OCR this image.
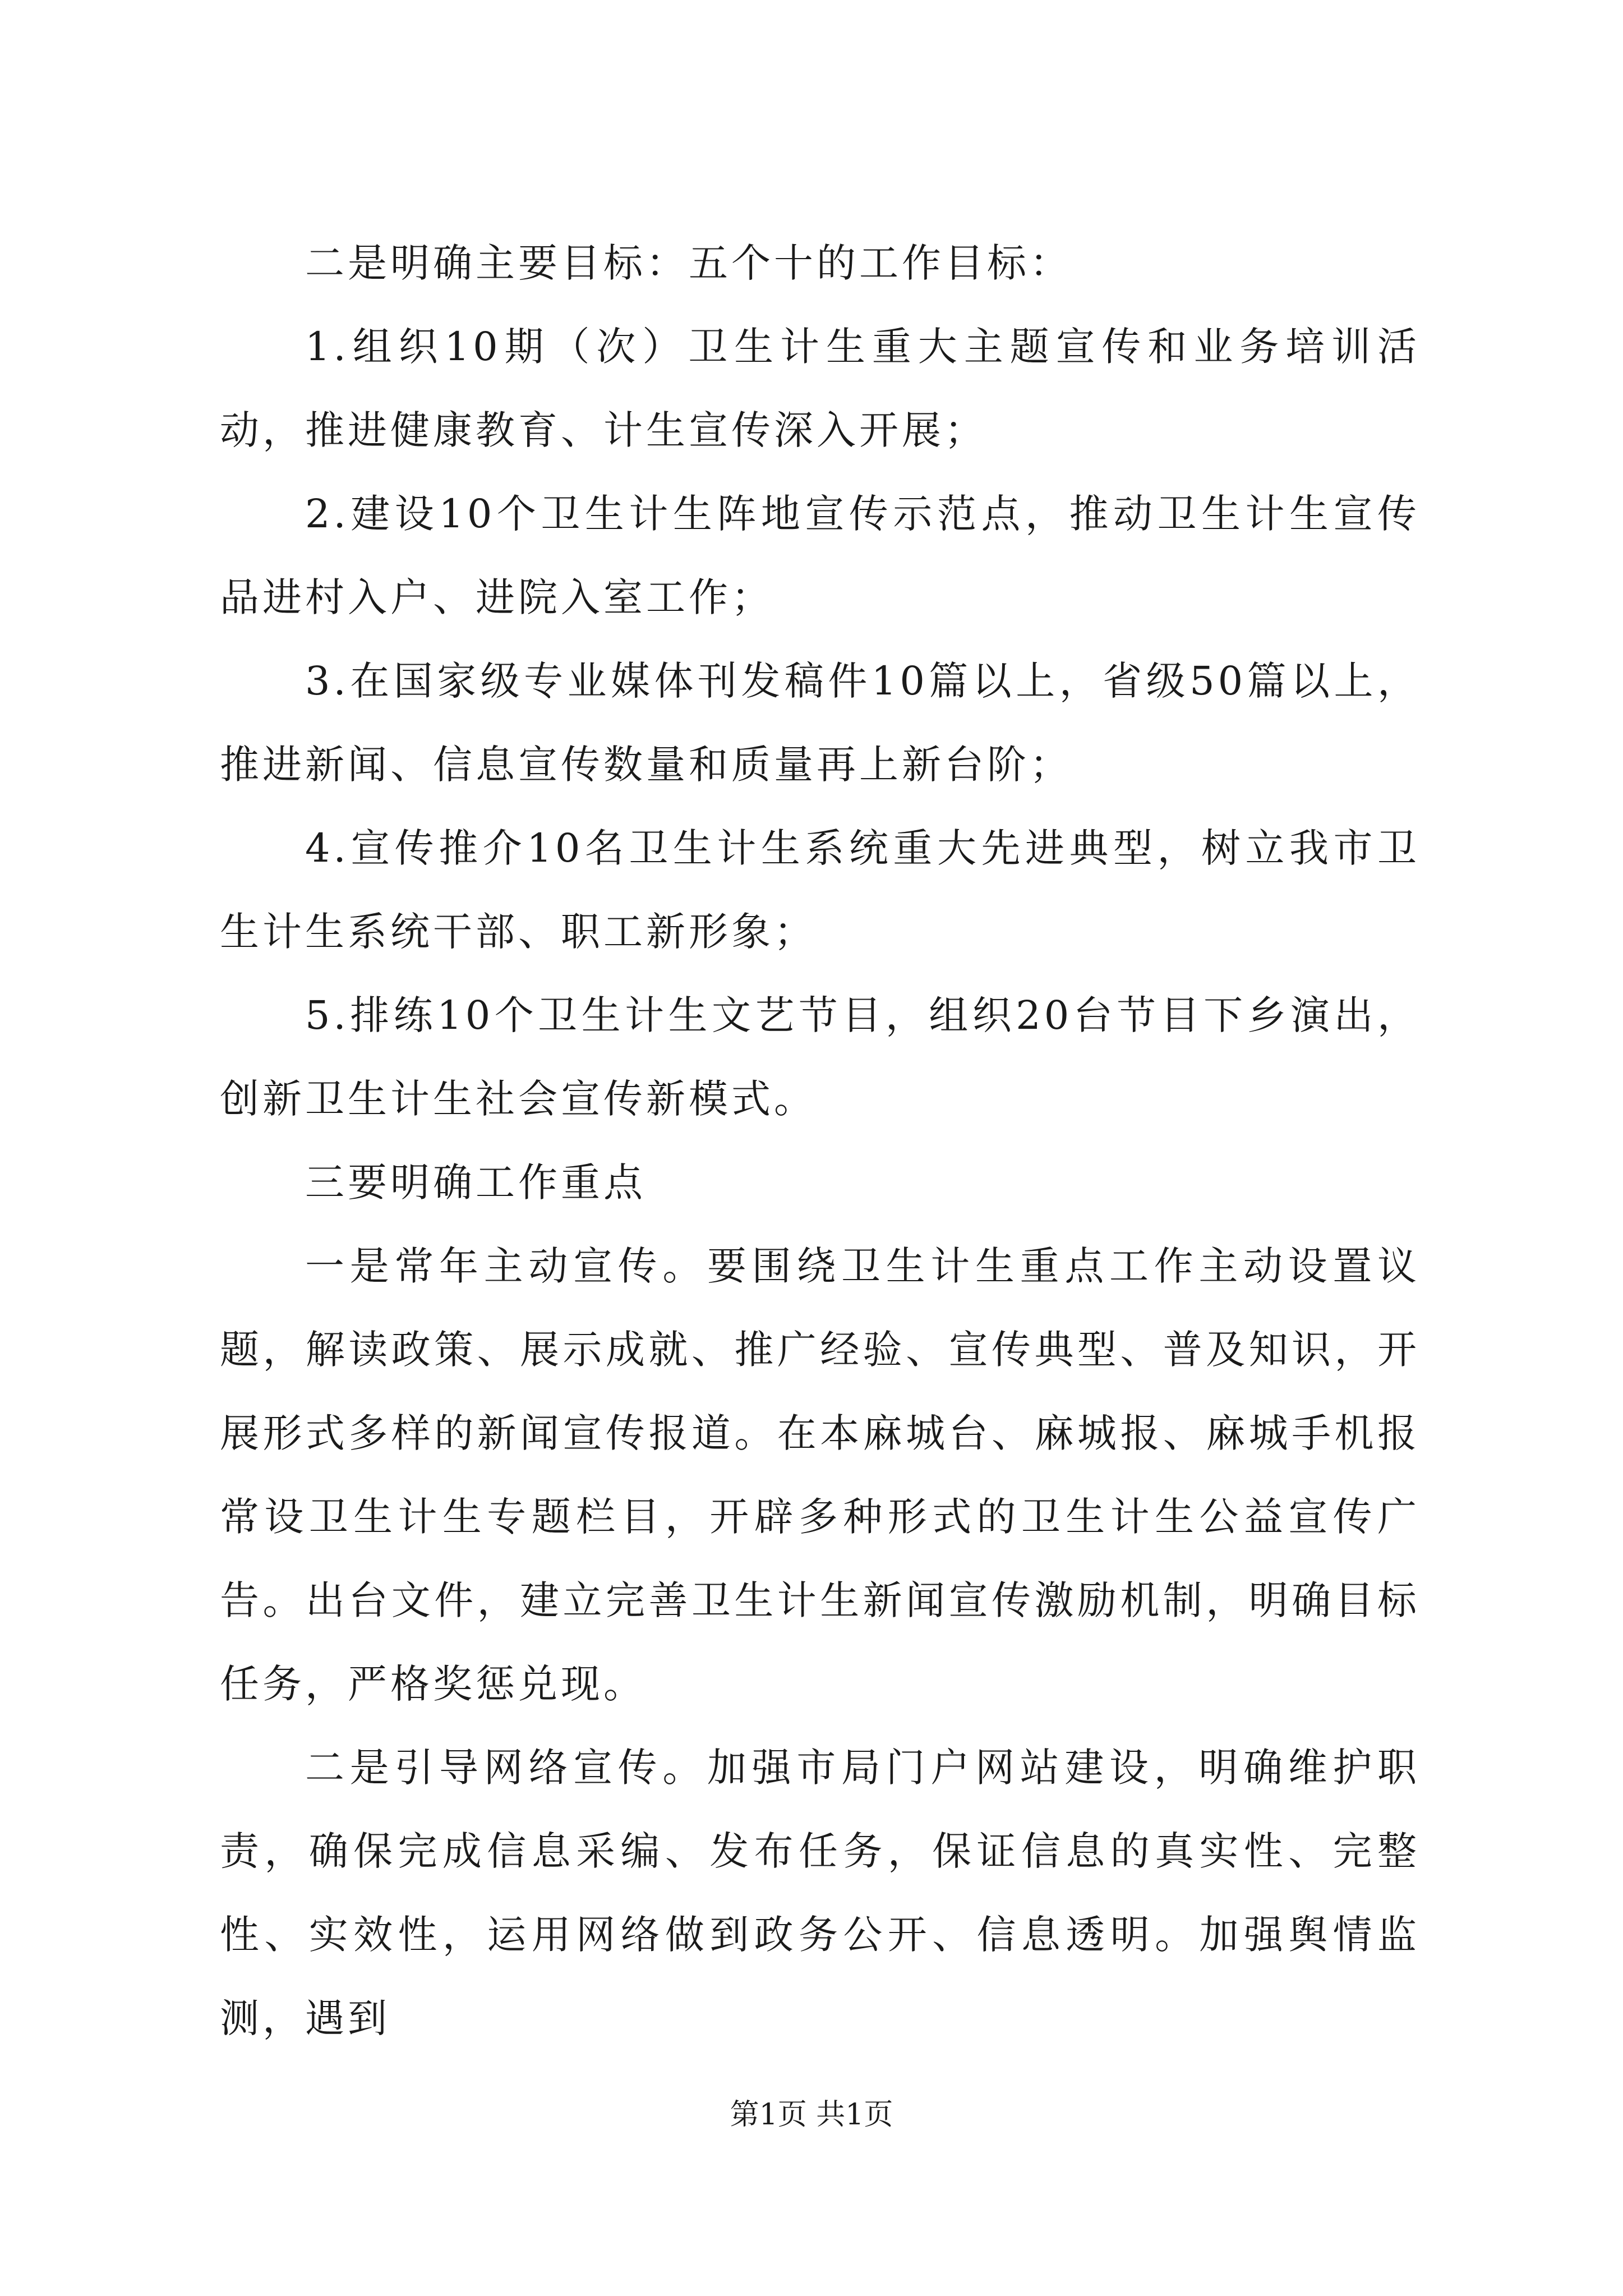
二是明确主要目标：五个十的工作目标：

1.组织10期（次）卫生计生重大主题宣传和业务培训活动，推进健康教育、计生宣传深入开展；

2.建设10个卫生计生阵地宣传示范点，推动卫生计生宣传品进村入户、进院入室工作；

3.在国家级专业媒体刊发稿件10篇以上，省级50篇以上，推进新闻、信息宣传数量和质量再上新台阶；

4.宣传推介10名卫生计生系统重大先进典型，树立我市卫生计生系统干部、职工新形象；

5.排练10个卫生计生文艺节目，组织20台节目下乡演出，创新卫生计生社会宣传新模式。

三要明确工作重点

一是常年主动宣传。要围绕卫生计生重点工作主动设置议题，解读政策、展示成就、推广经验、宣传典型、普及知识，开展形式多样的新闻宣传报道。在本麻城台、麻城报、麻城手机报常设卫生计生专题栏目，开辟多种形式的卫生计生公益宣传广告。出台文件，建立完善卫生计生新闻宣传激励机制，明确目标任务，严格奖惩兑现。

二是引导网络宣传。加强市局门户网站建设，明确维护职责，确保完成信息采编、发布任务，保证信息的真实性、完整性、实效性，运用网络做到政务公开、信息透明。加强舆情监测，遇到

第1页 共1页
